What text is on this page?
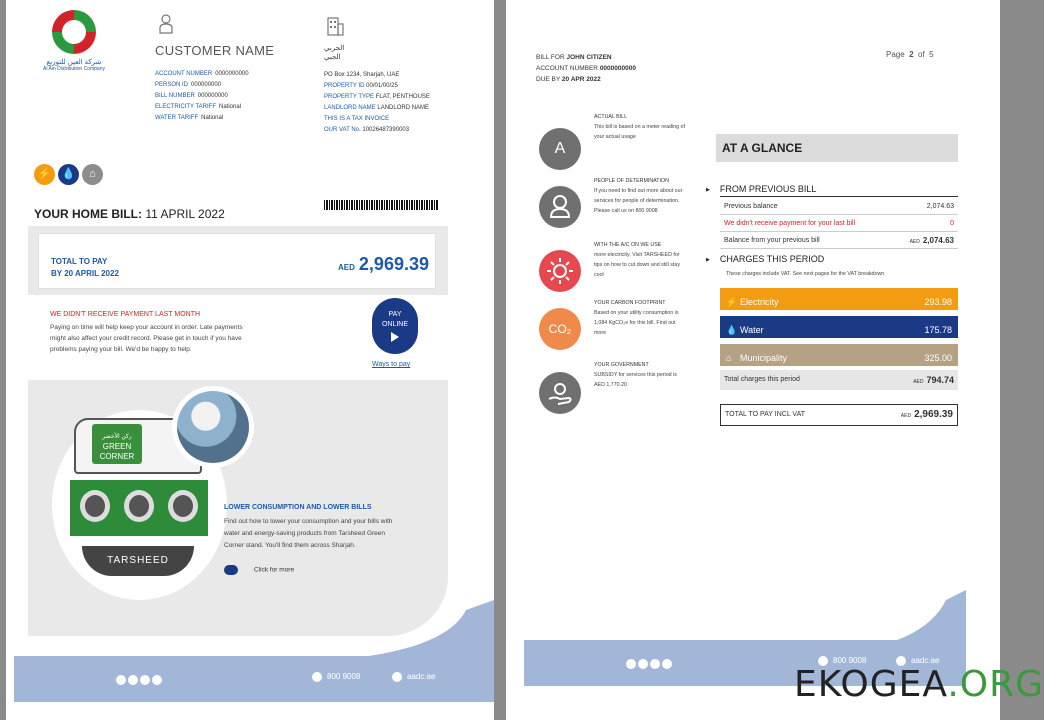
شركة العين للتوزيع
Al Ain Distribution Company
CUSTOMER NAME
ACCOUNT NUMBER 0000000000
PERSON ID 000000000
BILL NUMBER 000000000
ELECTRICITY TARIFF National
WATER TARIFF National
الجربي
الجبي
PO Box 1234, Sharjah, UAE
PROPERTY ID 00/01/00/25
PROPERTY TYPE FLAT, PENTHOUSE
LANDLORD NAME LANDLORD NAME
THIS IS A TAX INVOICE
OUR VAT No. 10026487390003
⚡ 💧 ⌂
YOUR HOME BILL: 11 APRIL 2022
TOTAL TO PAY
BY 20 APRIL 2022
AED 2,969.39
WE DIDN'T RECEIVE PAYMENT LAST MONTH
Paying on time will help keep your account in order. Late payments might also affect your credit record. Please get in touch if you have problems paying your bill. We'd be happy to help.
PAY
ONLINE
Ways to pay
ركن الأخضر
GREEN
CORNER
TARSHEED
LOWER CONSUMPTION AND LOWER BILLS
Find out how to lower your consumption and your bills with water and energy-saving products from Tarsheed Green Corner stand. You'll find them across Sharjah.
Click for more
800 9008	aadc.ae
BILL FOR JOHN CITIZEN
ACCOUNT NUMBER 0000000000
DUE BY 20 APR 2022
Page 2 of 5
A
ACTUAL BILL
This bill is based on a meter reading of your actual usage
PEOPLE OF DETERMINATION
If you need to find out more about our services for people of determination. Please call us on 800 9008
WITH THE A/C ON WE USE
more electricity. Visit TARSHEED for tips on how to cut down and still stay cool
CO₂
YOUR CARBON FOOTPRINT
Based on your utility consumption is 1,084 KgCO₂e for this bill. Find out more
YOUR GOVERNMENT
SUBSIDY for services this period is AED 1,770.20
AT A GLANCE
▶ FROM PREVIOUS BILL
Previous balance	2,074.63
We didn't receive payment for your last bill	0
Balance from your previous bill	AED 2,074.63
▶ CHARGES THIS PERIOD
These charges include VAT. See next pages for the VAT breakdown
⚡ Electricity	293.98
💧 Water	175.78
⌂ Municipality	325.00
Total charges this period	AED 794.74
TOTAL TO PAY INCL VAT	AED 2,969.39
800 9008	aadc.ae
EKOGEA.ORG
